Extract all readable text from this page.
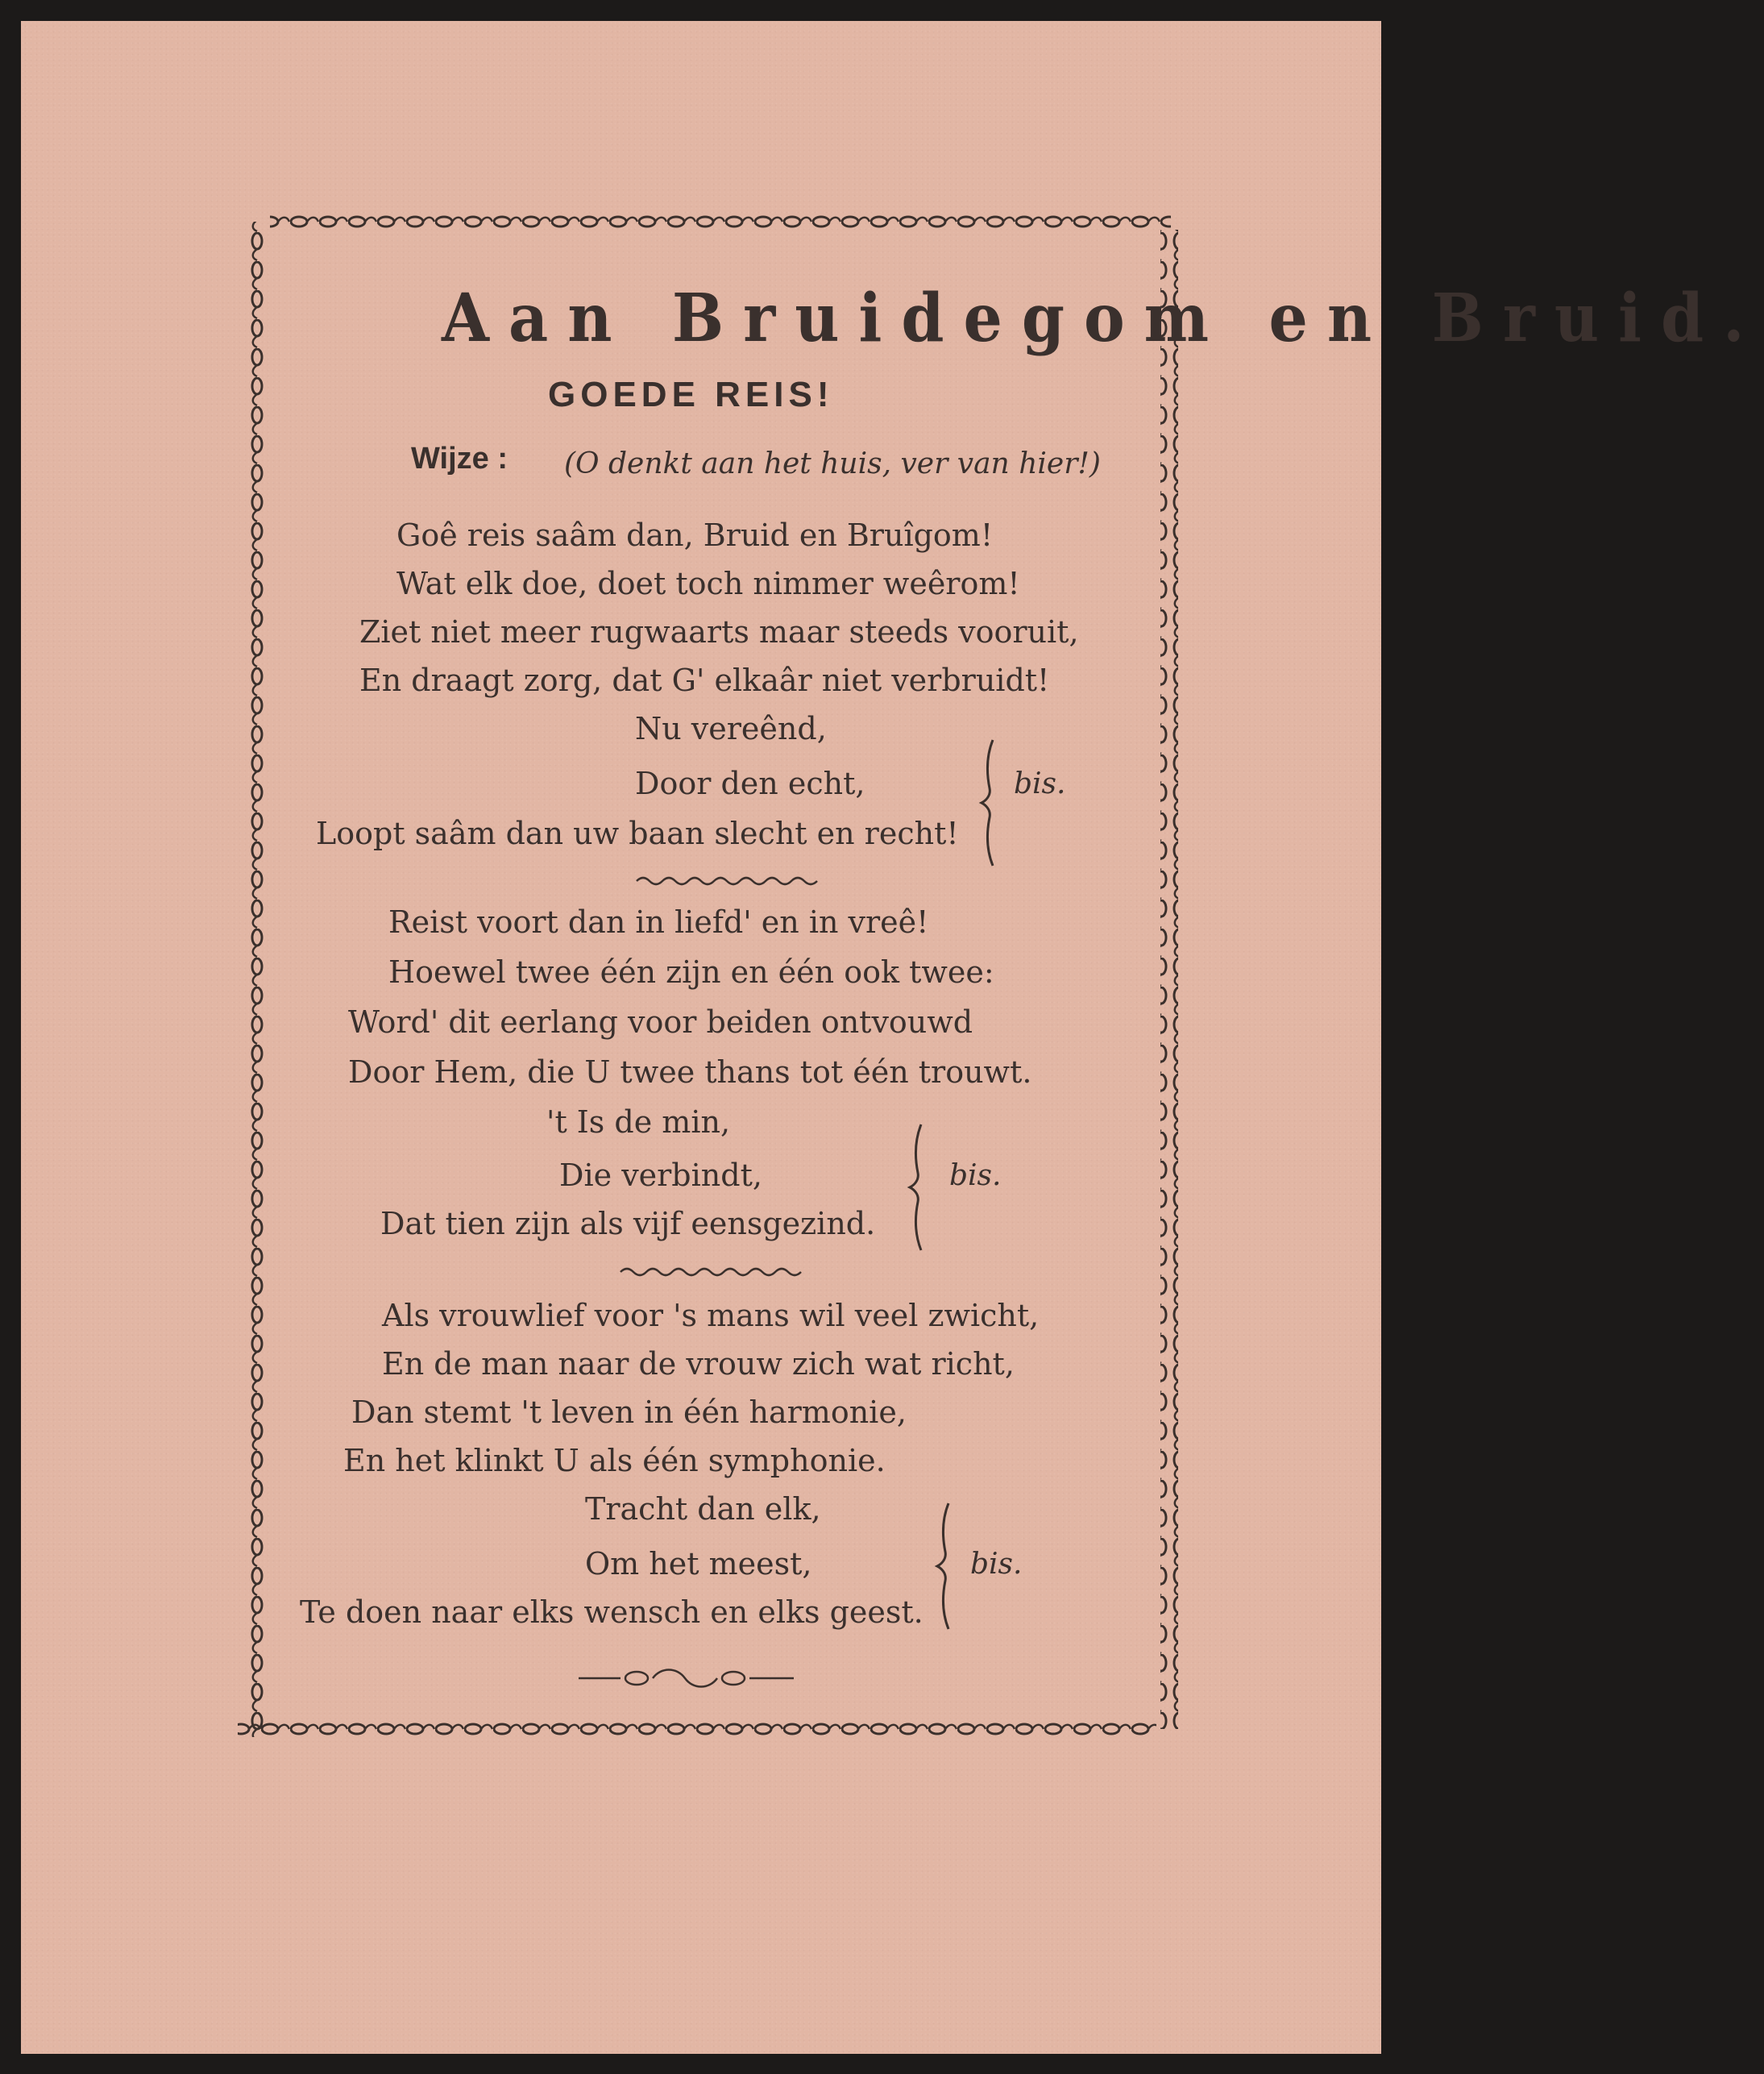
Aan Bruidegom en Bruid.
GOEDE REIS!
Wijze : (O denkt aan het huis, ver van hier!)
Goê reis saâm dan, Bruid en Bruîgom!
Wat elk doe, doet toch nimmer weêrom!
Ziet niet meer rugwaarts maar steeds vooruit,
En draagt zorg, dat G' elkaâr niet verbruidt!
Nu vereênd,
Door den echt,
Loopt saâm dan uw baan slecht en recht!
bis.
Reist voort dan in liefd' en in vreê!
Hoewel twee één zijn en één ook twee:
Word' dit eerlang voor beiden ontvouwd
Door Hem, die U twee thans tot één trouwt.
't Is de min,
Die verbindt,
Dat tien zijn als vijf eensgezind.
bis.
Als vrouwlief voor 's mans wil veel zwicht,
En de man naar de vrouw zich wat richt,
Dan stemt 't leven in één harmonie,
En het klinkt U als één symphonie.
Tracht dan elk,
Om het meest,
Te doen naar elks wensch en elks geest.
bis.
